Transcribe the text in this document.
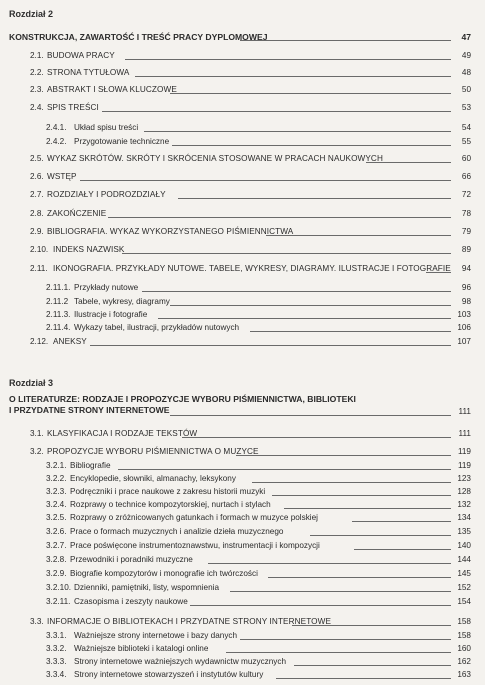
Rozdział 2
KONSTRUKCJA, ZAWARTOŚĆ I TREŚĆ PRACY DYPLOMOWEJ	47
2.1. BUDOWA PRACY	49
2.2. STRONA TYTUŁOWA	48
2.3. ABSTRAKT I SŁOWA KLUCZOWE	50
2.4. SPIS TREŚCI	53
2.4.1. Układ spisu treści	54
2.4.2. Przygotowanie techniczne	55
2.5. WYKAZ SKRÓTÓW. SKRÓTY I SKRÓCENIA STOSOWANE W PRACACH NAUKOWYCH	60
2.6. WSTĘP	66
2.7. ROZDZIAŁY I PODROZDZIAŁY	72
2.8. ZAKOŃCZENIE	78
2.9. BIBLIOGRAFIA. WYKAZ WYKORZYSTANEGO PIŚMIENNICTWA	79
2.10. INDEKS NAZWISK	89
2.11. IKONOGRAFIA. PRZYKŁADY NUTOWE. TABELE, WYKRESY, DIAGRAMY. ILUSTRACJE I FOTOGRAFIE 94
2.11.1. Przykłady nutowe	96
2.11.2 Tabele, wykresy, diagramy	98
2.11.3. Ilustracje i fotografie	103
2.11.4. Wykazy tabel, ilustracji, przykładów nutowych	106
2.12. ANEKSY	107
Rozdział 3
O LITERATURZE: RODZAJE I PROPOZYCJE WYBORU PIŚMIENNICTWA, BIBLIOTEKI
I PRZYDATNE STRONY INTERNETOWE	111
3.1. KLASYFIKACJA I RODZAJE TEKSTÓW	111
3.2. PROPOZYCJE WYBORU PIŚMIENNICTWA O MUZYCE	119
3.2.1. Bibliografie	119
3.2.2. Encyklopedie, słowniki, almanachy, leksykony	123
3.2.3. Podręczniki i prace naukowe z zakresu historii muzyki	128
3.2.4. Rozprawy o technice kompozytorskiej, nurtach i stylach	132
3.2.5. Rozprawy o zróżnicowanych gatunkach i formach w muzyce polskiej	134
3.2.6. Prace o formach muzycznych i analizie dzieła muzycznego	135
3.2.7. Prace poświęcone instrumentoznawstwu, instrumentacji i kompozycji	140
3.2.8. Przewodniki i poradniki muzyczne	144
3.2.9. Biografie kompozytorów i monografie ich twórczości	145
3.2.10. Dzienniki, pamiętniki, listy, wspomnienia	152
3.2.11. Czasopisma i zeszyty naukowe	154
3.3. INFORMACJE O BIBLIOTEKACH I PRZYDATNE STRONY INTERNETOWE	158
3.3.1. Ważniejsze strony internetowe i bazy danych	158
3.3.2. Ważniejsze biblioteki i katalogi online	160
3.3.3. Strony internetowe ważniejszych wydawnictw muzycznych	162
3.3.4. Strony internetowe stowarzyszeń i instytutów kultury	163
